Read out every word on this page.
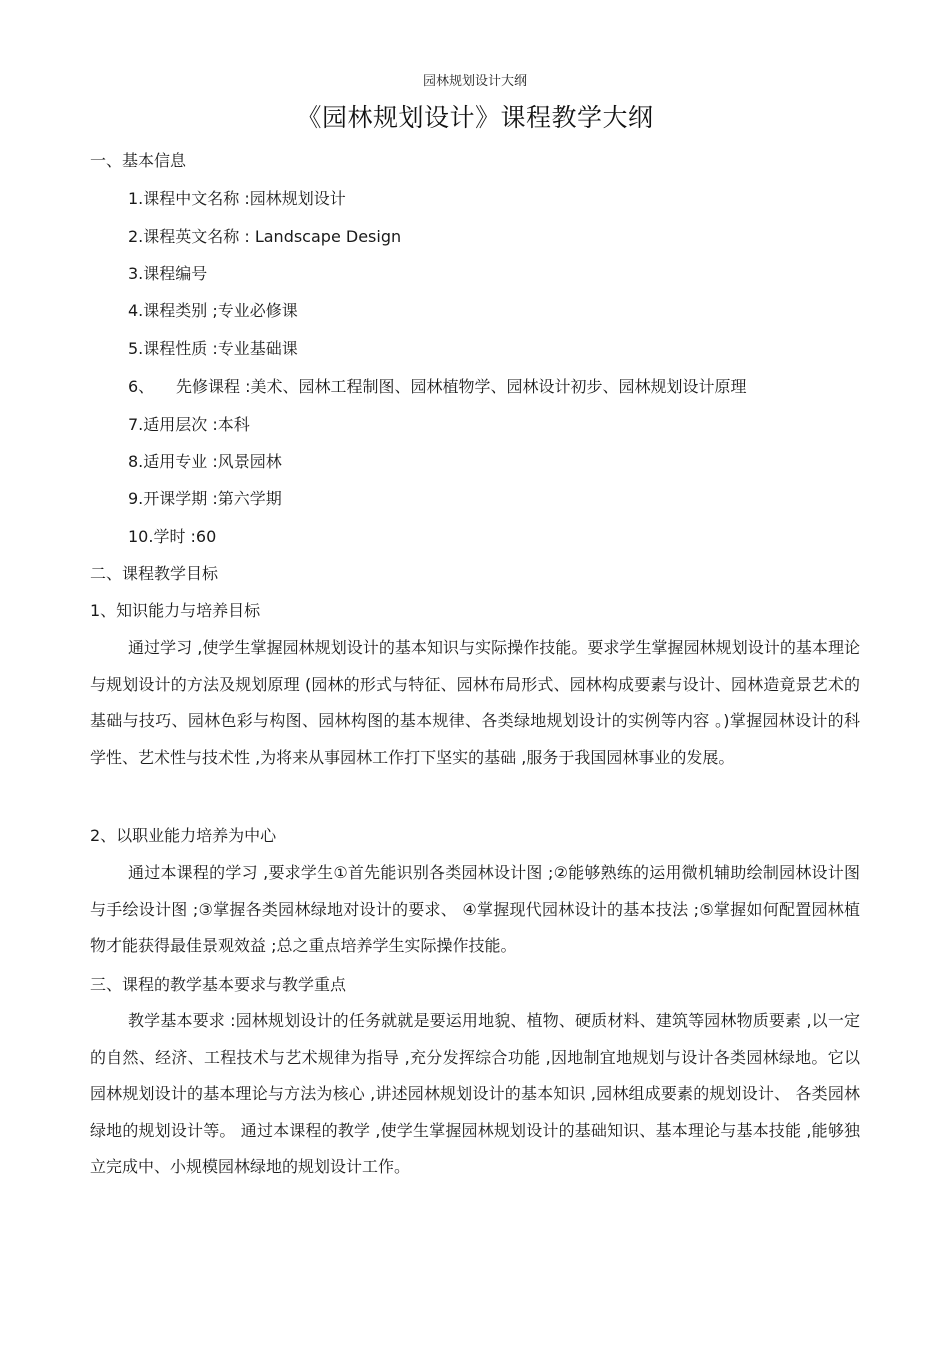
园林规划设计大纲
《园林规划设计》课程教学大纲
一、基本信息
1.课程中文名称 :园林规划设计
2.课程英文名称 : Landscape Design
3.课程编号
4.课程类别 ;专业必修课
5.课程性质 :专业基础课
6、 先修课程 :美术、园林工程制图、园林植物学、园林设计初步、园林规划设计原理
7.适用层次 :本科
8.适用专业 :风景园林
9.开课学期 :第六学期
10.学时 :60
二、课程教学目标
1、知识能力与培养目标
通过学习 ,使学生掌握园林规划设计的基本知识与实际操作技能。要求学生掌握园林规划设计的基本理论与规划设计的方法及规划原理 (园林的形式与特征、园林布局形式、园林构成要素与设计、园林造竟景艺术的基础与技巧、园林色彩与构图、园林构图的基本规律、各类绿地规划设计的实例等内容 。)掌握园林设计的科学性、艺术性与技术性 ,为将来从事园林工作打下坚实的基础 ,服务于我国园林事业的发展。
2、以职业能力培养为中心
通过本课程的学习 ,要求学生①首先能识别各类园林设计图 ;②能够熟练的运用微机辅助绘制园林设计图与手绘设计图 ;③掌握各类园林绿地对设计的要求、 ④掌握现代园林设计的基本技法 ;⑤掌握如何配置园林植物才能获得最佳景观效益 ;总之重点培养学生实际操作技能。
三、课程的教学基本要求与教学重点
教学基本要求 :园林规划设计的任务就就是要运用地貌、植物、硬质材料、建筑等园林物质要素 ,以一定的自然、经济、工程技术与艺术规律为指导 ,充分发挥综合功能 ,因地制宜地规划与设计各类园林绿地。它以园林规划设计的基本理论与方法为核心 ,讲述园林规划设计的基本知识 ,园林组成要素的规划设计、 各类园林绿地的规划设计等。 通过本课程的教学 ,使学生掌握园林规划设计的基础知识、基本理论与基本技能 ,能够独立完成中、小规模园林绿地的规划设计工作。
